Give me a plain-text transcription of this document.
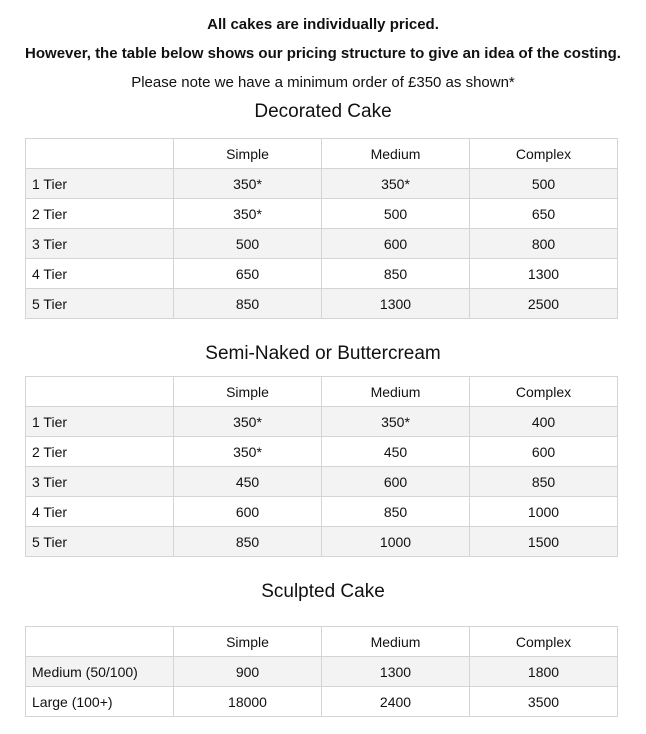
All cakes are individually priced.
However, the table below shows our pricing structure to give an idea of the costing.
Please note we have a minimum order of £350 as shown*
Decorated Cake
	Simple	Medium	Complex
1 Tier	350*	350*	500
2 Tier	350*	500	650
3 Tier	500	600	800
4 Tier	650	850	1300
5 Tier	850	1300	2500
Semi-Naked or Buttercream
	Simple	Medium	Complex
1 Tier	350*	350*	400
2 Tier	350*	450	600
3 Tier	450	600	850
4 Tier	600	850	1000
5 Tier	850	1000	1500
Sculpted Cake
	Simple	Medium	Complex
Medium (50/100)	900	1300	1800
Large (100+)	18000	2400	3500
